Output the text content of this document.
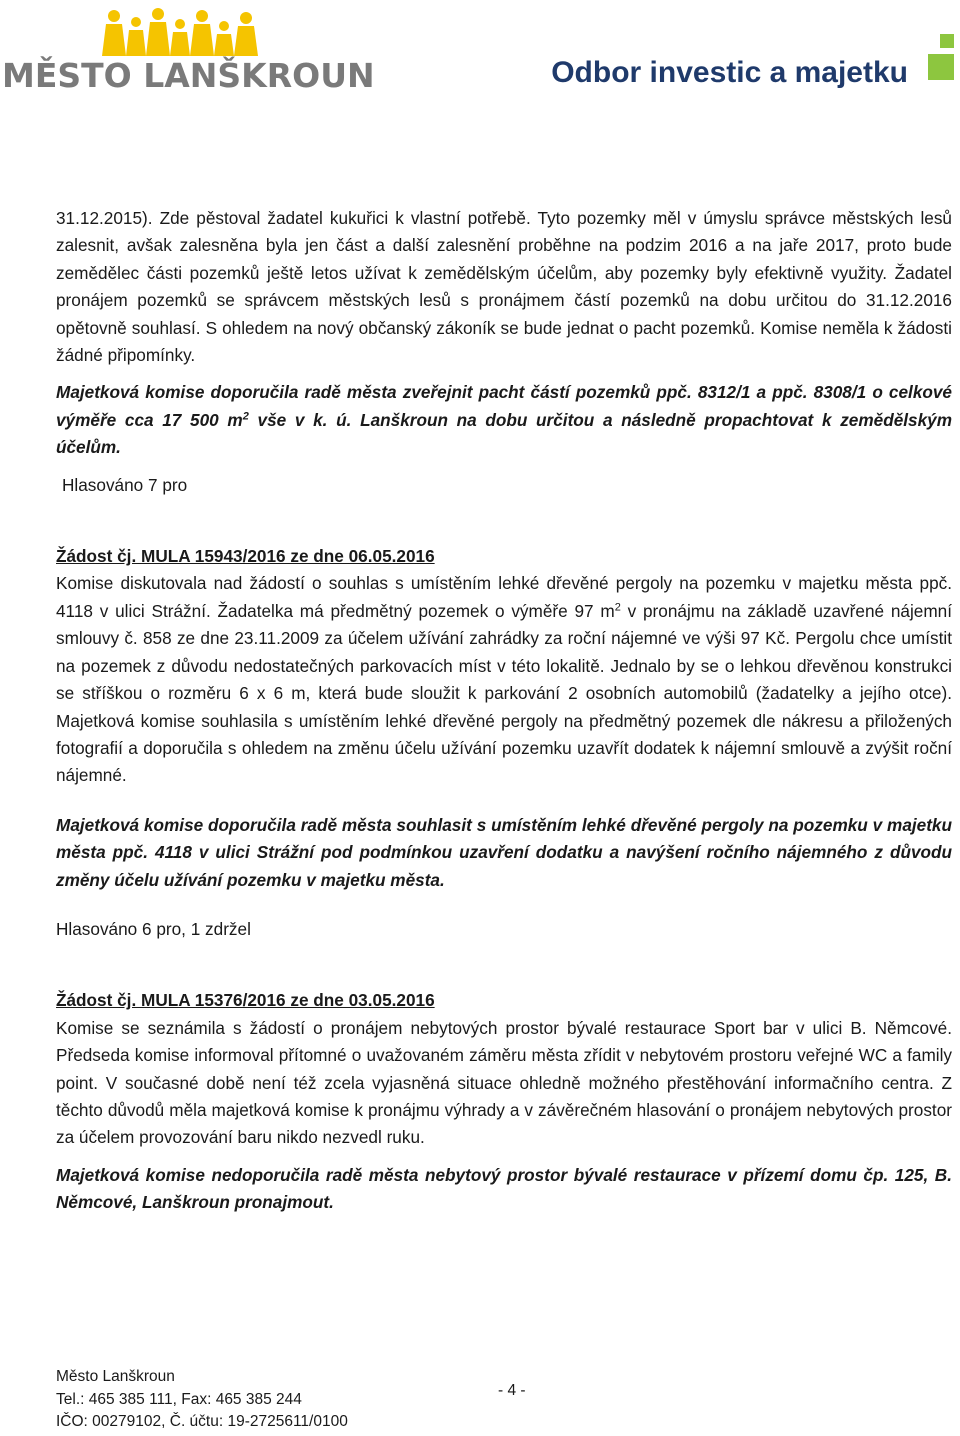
MĚSTO LANŠKROUN	Odbor investic a majetku

31.12.2015). Zde pěstoval žadatel kukuřici k vlastní potřebě. Tyto pozemky měl v úmyslu správce městských lesů zalesnit, avšak zalesněna byla jen část a další zalesnění proběhne na podzim 2016 a na jaře 2017, proto bude zemědělec části pozemků ještě letos užívat k zemědělským účelům, aby pozemky byly efektivně využity. Žadatel pronájem pozemků se správcem městských lesů s pronájmem částí pozemků na dobu určitou do 31.12.2016 opětovně souhlasí. S ohledem na nový občanský zákoník se bude jednat o pacht pozemků. Komise neměla k žádosti žádné připomínky.

Majetková komise doporučila radě města zveřejnit pacht částí pozemků ppč. 8312/1 a ppč. 8308/1 o celkové výměře cca 17 500 $m^2$ vše v k. ú. Lanškroun na dobu určitou a následně propachtovat k zemědělským účelům.

Hlasováno 7 pro

Žádost čj. MULA 15943/2016 ze dne 06.05.2016

Komise diskutovala nad žádostí o souhlas s umístěním lehké dřevěné pergoly na pozemku v majetku města ppč. 4118 v ulici Strážní. Žadatelka má předmětný pozemek o výměře 97 $m^2$ v pronájmu na základě uzavřené nájemní smlouvy č. 858 ze dne 23.11.2009 za účelem užívání zahrádky za roční nájemné ve výši 97 Kč. Pergolu chce umístit na pozemek z důvodu nedostatečných parkovacích míst v této lokalitě. Jednalo by se o lehkou dřevěnou konstrukci se stříškou o rozměru 6 x 6 m, která bude sloužit k parkování 2 osobních automobilů (žadatelky a jejího otce). Majetková komise souhlasila s umístěním lehké dřevěné pergoly na předmětný pozemek dle nákresu a přiložených fotografií a doporučila s ohledem na změnu účelu užívání pozemku uzavřít dodatek k nájemní smlouvě a zvýšit roční nájemné.

Majetková komise doporučila radě města souhlasit s umístěním lehké dřevěné pergoly na pozemku v majetku města ppč. 4118 v ulici Strážní pod podmínkou uzavření dodatku a navýšení ročního nájemného z důvodu změny účelu užívání pozemku v majetku města.

Hlasováno 6 pro, 1 zdržel

Žádost čj. MULA 15376/2016 ze dne 03.05.2016

Komise se seznámila s žádostí o pronájem nebytových prostor bývalé restaurace Sport bar v ulici B. Němcové. Předseda komise informoval přítomné o uvažovaném záměru města zřídit v nebytovém prostoru veřejné WC a family point. V současné době není též zcela vyjasněná situace ohledně možného přestěhování informačního centra. Z těchto důvodů měla majetková komise k pronájmu výhrady a v závěrečném hlasování o pronájem nebytových prostor za účelem provozování baru nikdo nezvedl ruku.

Majetková komise nedoporučila radě města nebytový prostor bývalé restaurace v přízemí domu čp. 125, B. Němcové, Lanškroun pronajmout.

Město Lanškroun
Tel.: 465 385 111, Fax: 465 385 244
IČO: 00279102, Č. účtu: 19-2725611/0100
- 4 -
